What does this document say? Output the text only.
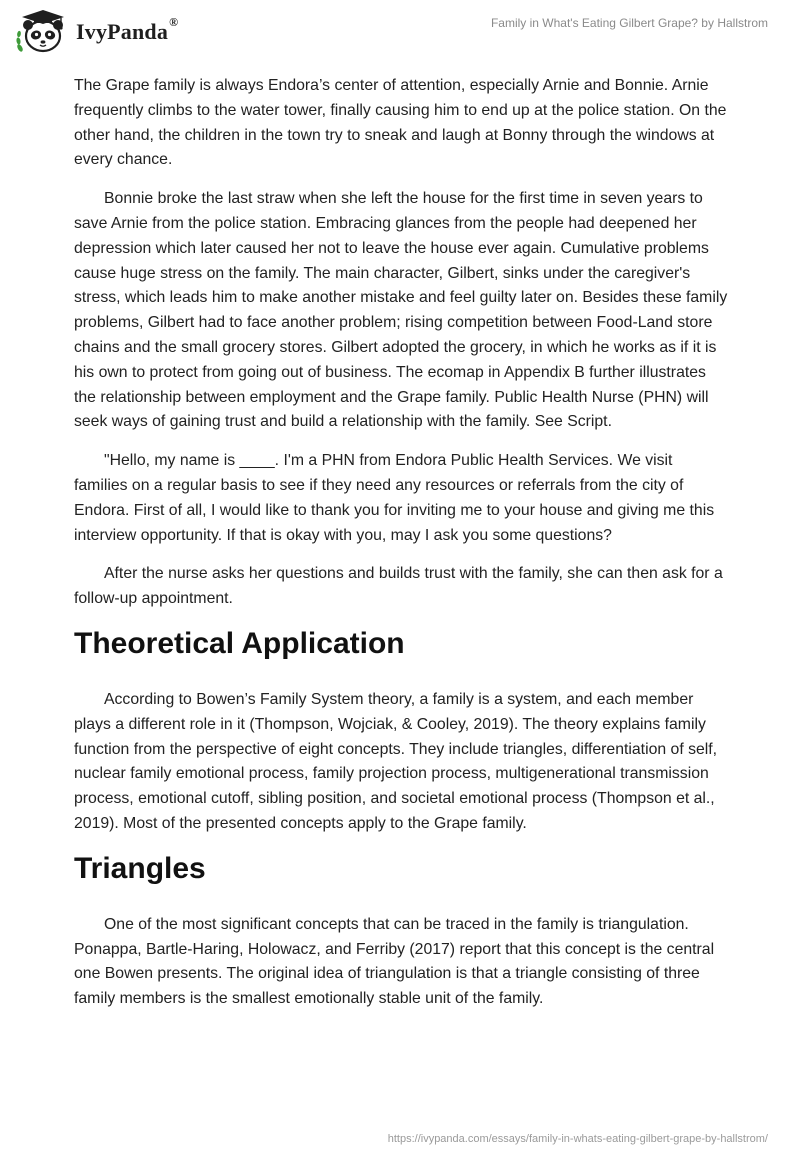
IvyPanda®	Family in What's Eating Gilbert Grape? by Hallstrom

The Grape family is always Endora’s center of attention, especially Arnie and Bonnie. Arnie frequently climbs to the water tower, finally causing him to end up at the police station. On the other hand, the children in the town try to sneak and laugh at Bonny through the windows at every chance.

Bonnie broke the last straw when she left the house for the first time in seven years to save Arnie from the police station. Embracing glances from the people had deepened her depression which later caused her not to leave the house ever again. Cumulative problems cause huge stress on the family. The main character, Gilbert, sinks under the caregiver's stress, which leads him to make another mistake and feel guilty later on. Besides these family problems, Gilbert had to face another problem; rising competition between Food-Land store chains and the small grocery stores. Gilbert adopted the grocery, in which he works as if it is his own to protect from going out of business. The ecomap in Appendix B further illustrates the relationship between employment and the Grape family. Public Health Nurse (PHN) will seek ways of gaining trust and build a relationship with the family. See Script.

"Hello, my name is ____. I'm a PHN from Endora Public Health Services. We visit families on a regular basis to see if they need any resources or referrals from the city of Endora. First of all, I would like to thank you for inviting me to your house and giving me this interview opportunity. If that is okay with you, may I ask you some questions?

After the nurse asks her questions and builds trust with the family, she can then ask for a follow-up appointment.

Theoretical Application

According to Bowen’s Family System theory, a family is a system, and each member plays a different role in it (Thompson, Wojciak, & Cooley, 2019). The theory explains family function from the perspective of eight concepts. They include triangles, differentiation of self, nuclear family emotional process, family projection process, multigenerational transmission process, emotional cutoff, sibling position, and societal emotional process (Thompson et al., 2019). Most of the presented concepts apply to the Grape family.

Triangles

One of the most significant concepts that can be traced in the family is triangulation. Ponappa, Bartle-Haring, Holowacz, and Ferriby (2017) report that this concept is the central one Bowen presents. The original idea of triangulation is that a triangle consisting of three family members is the smallest emotionally stable unit of the family.

https://ivypanda.com/essays/family-in-whats-eating-gilbert-grape-by-hallstrom/
